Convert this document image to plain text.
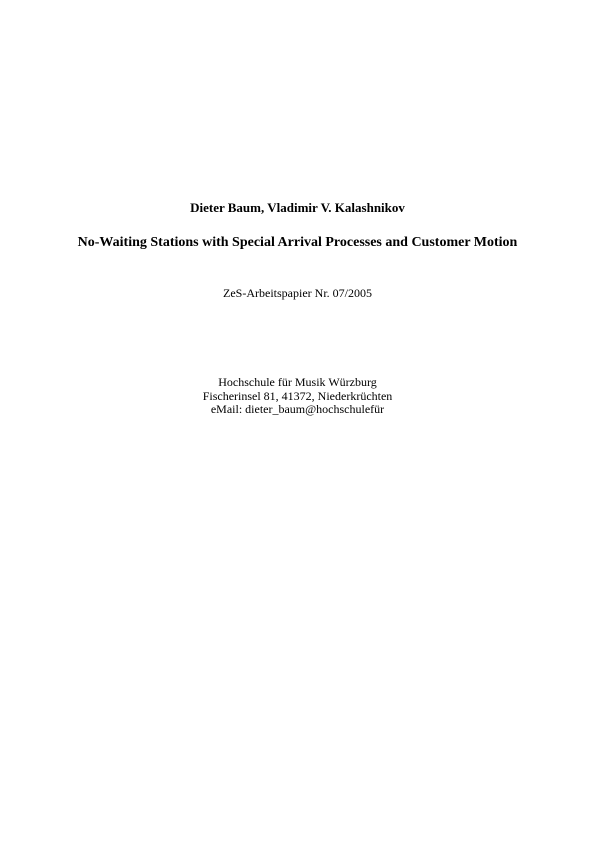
Dieter Baum, Vladimir V. Kalashnikov
No-Waiting Stations with Special Arrival Processes and Customer Motion
ZeS-Arbeitspapier Nr. 07/2005
Hochschule für Musik Würzburg
Fischerinsel 81, 41372, Niederkrüchten
eMail: dieter_baum@hochschulefür
